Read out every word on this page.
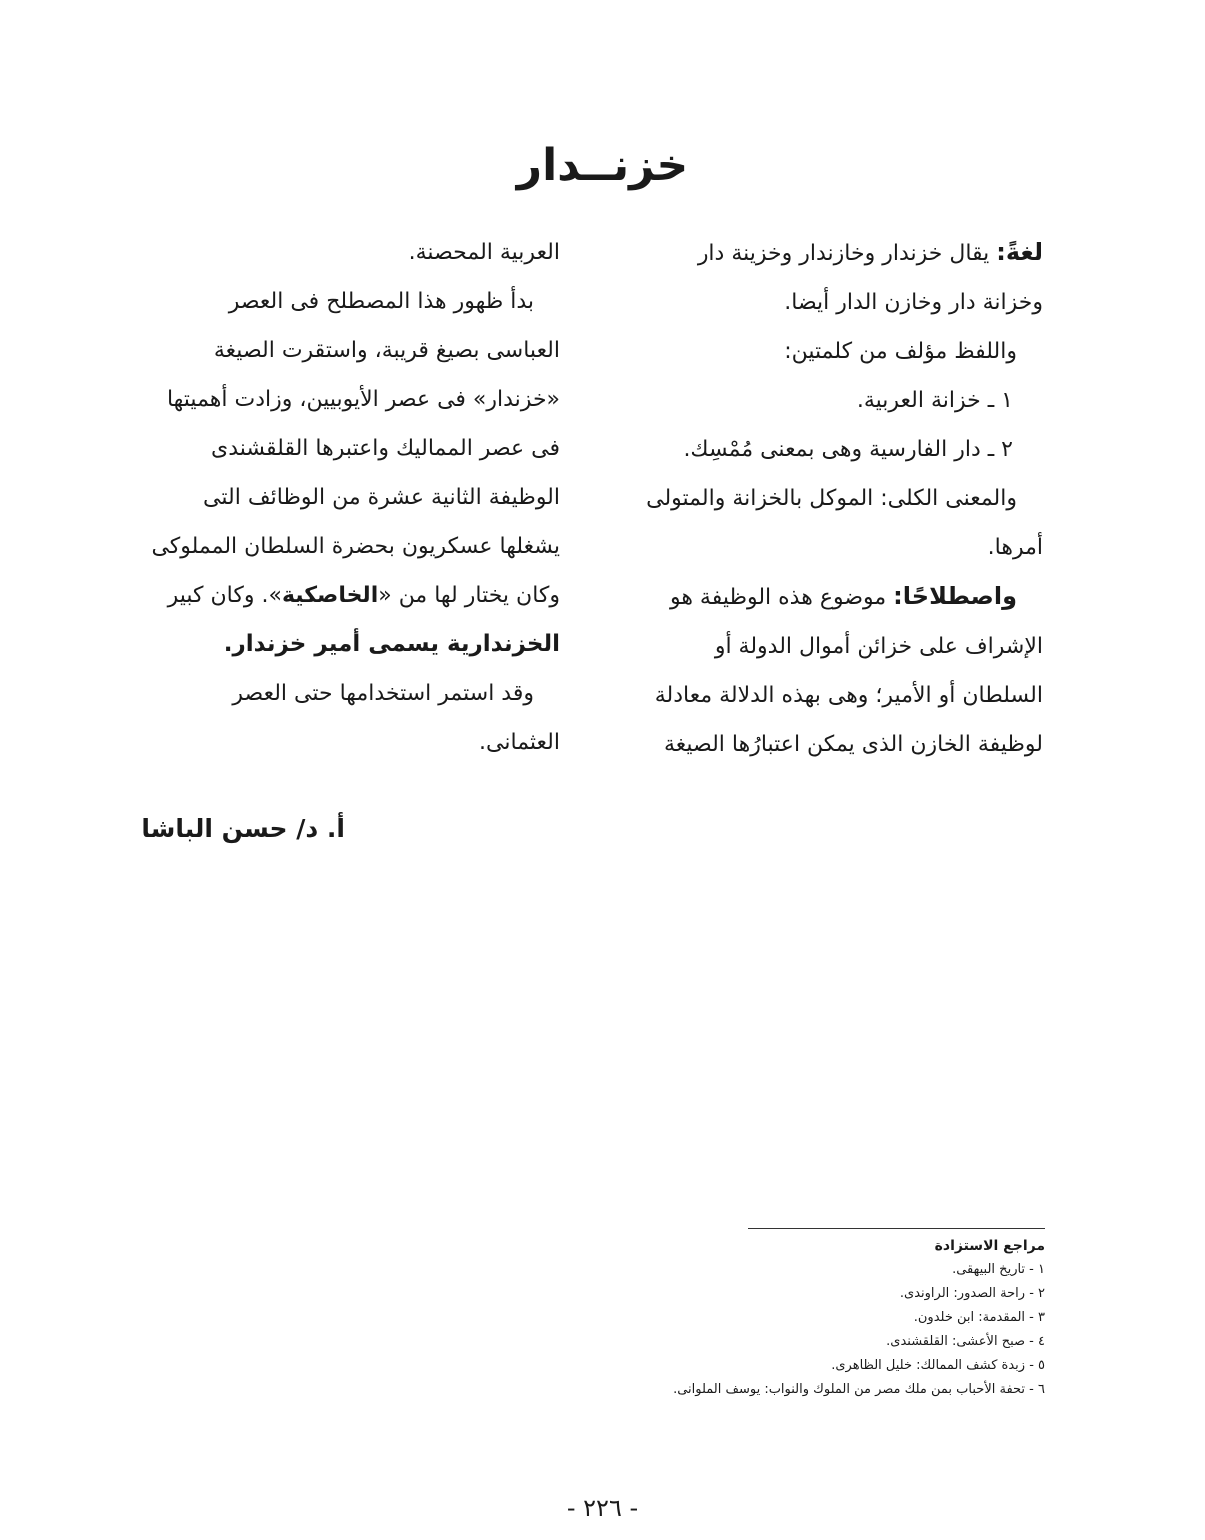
خزنــدار

لغةً: يقال خزندار وخازندار وخزينة دار

وخزانة دار وخازن الدار أيضا.

واللفظ مؤلف من كلمتين:

١ ـ خزانة العربية.

٢ ـ دار الفارسية وهى بمعنى مُمْسِك.

والمعنى الكلى: الموكل بالخزانة والمتولى

أمرها.

واصطلاحًا: موضوع هذه الوظيفة هو

الإشراف على خزائن أموال الدولة أو

السلطان أو الأمير؛ وهى بهذه الدلالة معادلة

لوظيفة الخازن الذى يمكن اعتبارُها الصيغة

العربية المحصنة.

بدأ ظهور هذا المصطلح فى العصر

العباسى بصيغ قريبة، واستقرت الصيغة

«خزندار» فى عصر الأيوبيين، وزادت أهميتها

فى عصر المماليك واعتبرها القلقشندى

الوظيفة الثانية عشرة من الوظائف التى

يشغلها عسكريون بحضرة السلطان المملوكى

وكان يختار لها من «الخاصكية». وكان كبير

الخزندارية يسمى أمير خزندار.

وقد استمر استخدامها حتى العصر

العثمانى.

أ. د/ حسن الباشا
مراجع الاستزادة
١ - تاريخ البيهقى.
٢ - راحة الصدور: الراوندى.
٣ - المقدمة: ابن خلدون.
٤ - صبح الأعشى: القلقشندى.
٥ - زبدة كشف الممالك: خليل الظاهرى.
٦ - تحفة الأحباب بمن ملك مصر من الملوك والنواب: يوسف الملوانى.
- ٢٢٦ -
